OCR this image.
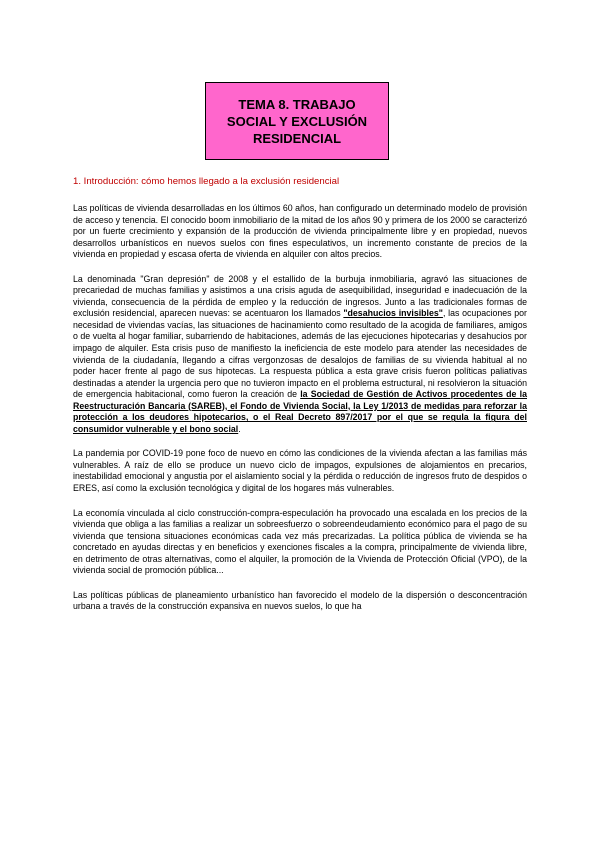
TEMA 8. TRABAJO
SOCIAL Y EXCLUSIÓN
RESIDENCIAL
1. Introducción: cómo hemos llegado a la exclusión residencial

Las políticas de vivienda desarrolladas en los últimos 60 años, han configurado un determinado modelo de provisión de acceso y tenencia. El conocido boom inmobiliario de la mitad de los años 90 y primera de los 2000 se caracterizó por un fuerte crecimiento y expansión de la producción de vivienda principalmente libre y en propiedad, nuevos desarrollos urbanísticos en nuevos suelos con fines especulativos, un incremento constante de precios de la vivienda en propiedad y escasa oferta de vivienda en alquiler con altos precios.

La denominada "Gran depresión" de 2008 y el estallido de la burbuja inmobiliaria, agravó las situaciones de precariedad de muchas familias y asistimos a una crisis aguda de asequibilidad, inseguridad e inadecuación de la vivienda, consecuencia de la pérdida de empleo y la reducción de ingresos. Junto a las tradicionales formas de exclusión residencial, aparecen nuevas: se acentuaron los llamados "desahucios invisibles", las ocupaciones por necesidad de viviendas vacías, las situaciones de hacinamiento como resultado de la acogida de familiares, amigos o de vuelta al hogar familiar, subarriendo de habitaciones, además de las ejecuciones hipotecarias y desahucios por impago de alquiler. Esta crisis puso de manifiesto la ineficiencia de este modelo para atender las necesidades de vivienda de la ciudadanía, llegando a cifras vergonzosas de desalojos de familias de su vivienda habitual al no poder hacer frente al pago de sus hipotecas. La respuesta pública a esta grave crisis fueron políticas paliativas destinadas a atender la urgencia pero que no tuvieron impacto en el problema estructural, ni resolvieron la situación de emergencia habitacional, como fueron la creación de la Sociedad de Gestión de Activos procedentes de la Reestructuración Bancaria (SAREB), el Fondo de Vivienda Social, la Ley 1/2013 de medidas para reforzar la protección a los deudores hipotecarios, o el Real Decreto 897/2017 por el que se regula la figura del consumidor vulnerable y el bono social.

La pandemia por COVID-19 pone foco de nuevo en cómo las condiciones de la vivienda afectan a las familias más vulnerables. A raíz de ello se produce un nuevo ciclo de impagos, expulsiones de alojamientos en precarios, inestabilidad emocional y angustia por el aislamiento social y la pérdida o reducción de ingresos fruto de despidos o ERES, así como la exclusión tecnológica y digital de los hogares más vulnerables.

La economía vinculada al ciclo construcción-compra-especulación ha provocado una escalada en los precios de la vivienda que obliga a las familias a realizar un sobreesfuerzo o sobreendeudamiento económico para el pago de su vivienda que tensiona situaciones económicas cada vez más precarizadas. La política pública de vivienda se ha concretado en ayudas directas y en beneficios y exenciones fiscales a la compra, principalmente de vivienda libre, en detrimento de otras alternativas, como el alquiler, la promoción de la Vivienda de Protección Oficial (VPO), de la vivienda social de promoción pública...

Las políticas públicas de planeamiento urbanístico han favorecido el modelo de la dispersión o desconcentración urbana a través de la construcción expansiva en nuevos suelos, lo que ha
